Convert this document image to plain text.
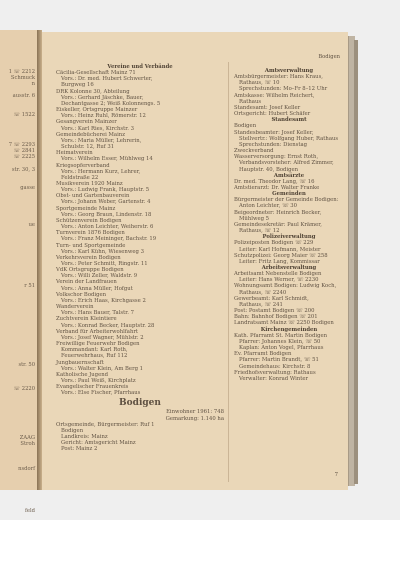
1 ☏ 2212
Schmuck
n
ausstr. 6
☏ 1522
7 ☏ 2293
☏ 2841
☏ 2225
str. 30, 3
gasse
ue
r 51
str. 50
☏ 2220
ZAAG
Stroh
nsdorf
feld
Bodigen
Vereine und Verbände
Cäcilia-Gesellschaft Mainz 71
Vors.: Dr. med. Hubert Schwerter,
Burgweg 16
DRK Kolonne 30, Abteilung
Vors.: Gerhard Jäschke, Bauer,
Dechantgasse 2; Weiß Kolonnengs. 5
Eiskeller, Ortsgruppe Mainzer
Vors.: Heinz Ruhl, Römerstr. 12
Gesangverein Mainzer
Vors.: Karl Ries, Kirchstr. 3
Gemeindebücherei Mainz
Vors.: Maria Müller, Lehrerin,
Schulstr. 12, Ruf 31
Heimatverein
Vors.: Wilhelm Esser, Mühlweg 14
Kriegsopferverband
Vors.: Hermann Kurz, Lehrer,
Feldstraße 22
Musikverein 1920 Mainz
Vors.: Ludwig Frank, Hauptstr. 5
Obst- und Gartenbauverein
Vors.: Johann Weber, Gartenstr. 4
Sportgemeinde Mainz
Vors.: Georg Braun, Lindenstr. 18
Schützenverein Bodigen
Vors.: Anton Leichter, Weiherstr. 6
Turnverein 1876 Bodigen
Vors.: Franz Meininger, Bachstr. 19
Turn- und Sportgemeinde
Vors.: Karl Kühn, Wiesenweg 3
Verkehrsverein Bodigen
Vors.: Peter Schmitt, Ringstr. 11
VdK Ortsgruppe Bodigen
Vors.: Willi Zeller, Waldstr. 9
Verein der Landfrauen
Vors.: Anna Müller, Hofgut
Volkschor Bodigen
Vors.: Erich Haas, Kirchgasse 2
Wanderverein
Vors.: Hans Bauer, Talstr. 7
Zuchtverein Kleintiere
Vors.: Konrad Becker, Hauptstr. 28
Verband für Arbeiterwohlfahrt
Vors.: Josef Wagner, Mühlstr. 2
Freiwillige Feuerwehr Bodigen
Kommandant: Karl Roth,
Feuerwehrhaus, Ruf 112
Jungbauernschaft
Vors.: Walter Klein, Am Berg 1
Katholische Jugend
Vors.: Paul Weiß, Kirchplatz
Evangelischer Frauenkreis
Vors.: Else Fischer, Pfarrhaus
Bodigen
Einwohner 1961: 748
Gemarkung: 1.140 ha
Ortsgemeinde, Bürgermeister: Ruf 1
Bodigen
Landkreis: Mainz
Gericht: Amtsgericht Mainz
Post: Mainz 2
Amtsverwaltung
Amtsbürgermeister: Hans Kraus,
Rathaus, ☏ 10
Sprechstunden: Mo–Fr 8–12 Uhr
Amtskasse: Wilhelm Reichert,
Rathaus
Standesamt: Josef Keller
Ortsgericht: Hubert Schäfer
Standesamt
Bodigen
Standesbeamter: Josef Keller,
Stellvertr.: Wolfgang Huber, Rathaus
Sprechstunden: Dienstag
Zweckverband
Wasserversorgung: Ernst Roth,
Verbandsvorsteher: Alfred Zimmer,
Hauptstr. 40, Bodigen
Amtsärzte
Dr. med. Theodor Lang, ☏ 16
Amtstierarzt: Dr. Walter Franke
Gemeinden
Bürgermeister der Gemeinde Bodigen:
Anton Leichter, ☏ 30
Beigeordneter: Heinrich Becker,
Mühlweg 5
Gemeindesekretär: Paul Krämer,
Rathaus, ☏ 12
Polizeiverwaltung
Polizeiposten Bodigen ☏ 229
Leiter: Karl Hofmann, Meister
Schutzpolizei: Georg Maier ☏ 258
Leiter: Fritz Lang, Kommissar
Arbeitsverwaltung
Arbeitsamt Nebenstelle Bodigen
Leiter: Hans Werner, ☏ 2230
Wohnungsamt Bodigen: Ludwig Koch,
Rathaus, ☏ 2240
Gewerbeamt: Karl Schmidt,
Rathaus, ☏ 241
Post: Postamt Bodigen ☏ 200
Bahn: Bahnhof Bodigen ☏ 201
Landratsamt Mainz ☏ 2250 Bodigen
Kirchengemeinden
Kath. Pfarramt St. Martin Bodigen
Pfarrer: Johannes Klein, ☏ 50
Kaplan: Anton Vogel, Pfarrhaus
Ev. Pfarramt Bodigen
Pfarrer: Martin Brandt, ☏ 51
Gemeindehaus: Kirchstr. 8
Friedhofsverwaltung: Rathaus
Verwalter: Konrad Winter
7
